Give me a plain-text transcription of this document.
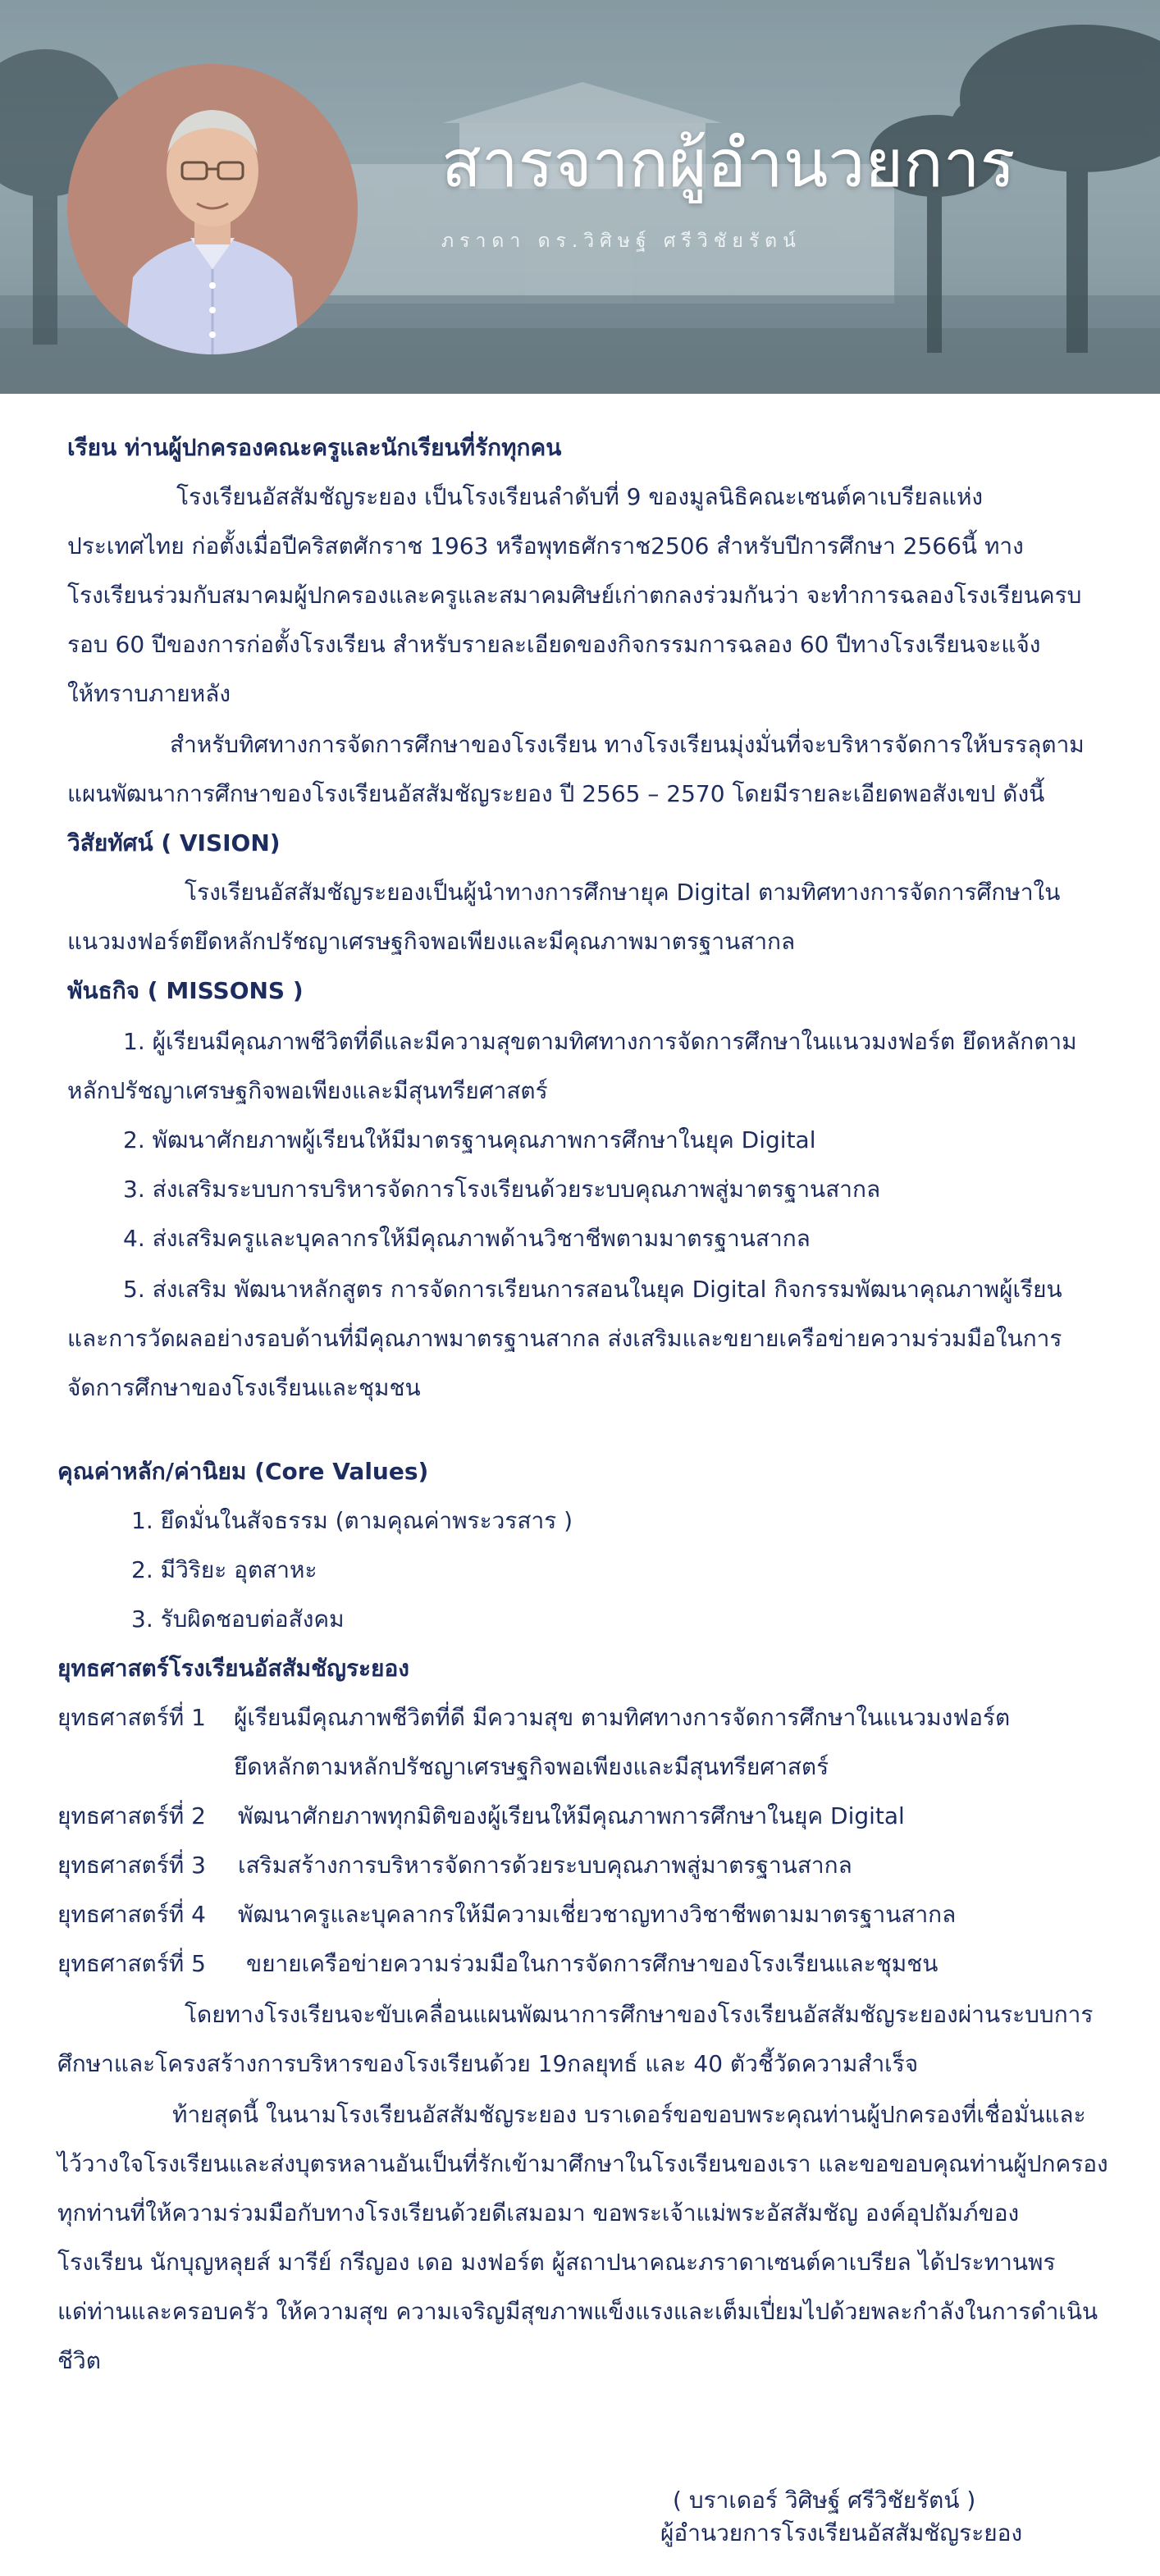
สารจากผู้อำนวยการ
ภราดา ดร.วิศิษฐ์ ศรีวิชัยรัตน์
เรียน ท่านผู้ปกครองคณะครูและนักเรียนที่รักทุกคน
โรงเรียนอัสสัมชัญระยอง เป็นโรงเรียนลำดับที่ 9 ของมูลนิธิคณะเซนต์คาเบรียลแห่ง
ประเทศไทย ก่อตั้งเมื่อปีคริสตศักราช 1963 หรือพุทธศักราช2506 สำหรับปีการศึกษา 2566นี้ ทาง
โรงเรียนร่วมกับสมาคมผู้ปกครองและครูและสมาคมศิษย์เก่าตกลงร่วมกันว่า จะทำการฉลองโรงเรียนครบ
รอบ 60 ปีของการก่อตั้งโรงเรียน สำหรับรายละเอียดของกิจกรรมการฉลอง 60 ปีทางโรงเรียนจะแจ้ง
ให้ทราบภายหลัง
สำหรับทิศทางการจัดการศึกษาของโรงเรียน ทางโรงเรียนมุ่งมั่นที่จะบริหารจัดการให้บรรลุตาม
แผนพัฒนาการศึกษาของโรงเรียนอัสสัมชัญระยอง ปี 2565 – 2570 โดยมีรายละเอียดพอสังเขป ดังนี้
วิสัยทัศน์ ( VISION)
โรงเรียนอัสสัมชัญระยองเป็นผู้นำทางการศึกษายุค Digital ตามทิศทางการจัดการศึกษาใน
แนวมงฟอร์ตยึดหลักปรัชญาเศรษฐกิจพอเพียงและมีคุณภาพมาตรฐานสากล
พันธกิจ ( MISSONS )
1. ผู้เรียนมีคุณภาพชีวิตที่ดีและมีความสุขตามทิศทางการจัดการศึกษาในแนวมงฟอร์ต ยึดหลักตาม
หลักปรัชญาเศรษฐกิจพอเพียงและมีสุนทรียศาสตร์
2. พัฒนาศักยภาพผู้เรียนให้มีมาตรฐานคุณภาพการศึกษาในยุค Digital
3. ส่งเสริมระบบการบริหารจัดการโรงเรียนด้วยระบบคุณภาพสู่มาตรฐานสากล
4. ส่งเสริมครูและบุคลากรให้มีคุณภาพด้านวิชาชีพตามมาตรฐานสากล
5. ส่งเสริม พัฒนาหลักสูตร การจัดการเรียนการสอนในยุค Digital กิจกรรมพัฒนาคุณภาพผู้เรียน
และการวัดผลอย่างรอบด้านที่มีคุณภาพมาตรฐานสากล ส่งเสริมและขยายเครือข่ายความร่วมมือในการ
จัดการศึกษาของโรงเรียนและชุมชน
คุณค่าหลัก/ค่านิยม (Core Values)
1. ยึดมั่นในสัจธรรม (ตามคุณค่าพระวรสาร )
2. มีวิริยะ อุตสาหะ
3. รับผิดชอบต่อสังคม
ยุทธศาสตร์โรงเรียนอัสสัมชัญระยอง
ยุทธศาสตร์ที่ 1 ผู้เรียนมีคุณภาพชีวิตที่ดี มีความสุข ตามทิศทางการจัดการศึกษาในแนวมงฟอร์ต
ยึดหลักตามหลักปรัชญาเศรษฐกิจพอเพียงและมีสุนทรียศาสตร์
ยุทธศาสตร์ที่ 2 พัฒนาศักยภาพทุกมิติของผู้เรียนให้มีคุณภาพการศึกษาในยุค Digital
ยุทธศาสตร์ที่ 3 เสริมสร้างการบริหารจัดการด้วยระบบคุณภาพสู่มาตรฐานสากล
ยุทธศาสตร์ที่ 4 พัฒนาครูและบุคลากรให้มีความเชี่ยวชาญทางวิชาชีพตามมาตรฐานสากล
ยุทธศาสตร์ที่ 5 ขยายเครือข่ายความร่วมมือในการจัดการศึกษาของโรงเรียนและชุมชน
โดยทางโรงเรียนจะขับเคลื่อนแผนพัฒนาการศึกษาของโรงเรียนอัสสัมชัญระยองผ่านระบบการ
ศึกษาและโครงสร้างการบริหารของโรงเรียนด้วย 19กลยุทธ์ และ 40 ตัวชี้วัดความสำเร็จ
ท้ายสุดนี้ ในนามโรงเรียนอัสสัมชัญระยอง บราเดอร์ขอขอบพระคุณท่านผู้ปกครองที่เชื่อมั่นและ
ไว้วางใจโรงเรียนและส่งบุตรหลานอันเป็นที่รักเข้ามาศึกษาในโรงเรียนของเรา และขอขอบคุณท่านผู้ปกครอง
ทุกท่านที่ให้ความร่วมมือกับทางโรงเรียนด้วยดีเสมอมา ขอพระเจ้าแม่พระอัสสัมชัญ องค์อุปถัมภ์ของ
โรงเรียน นักบุญหลุยส์ มารีย์ กรีญอง เดอ มงฟอร์ต ผู้สถาปนาคณะภราดาเซนต์คาเบรียล ได้ประทานพร
แด่ท่านและครอบครัว ให้ความสุข ความเจริญมีสุขภาพแข็งแรงและเต็มเปี่ยมไปด้วยพละกำลังในการดำเนิน
ชีวิต
( บราเดอร์ วิศิษฐ์ ศรีวิชัยรัตน์ )
ผู้อำนวยการโรงเรียนอัสสัมชัญระยอง
